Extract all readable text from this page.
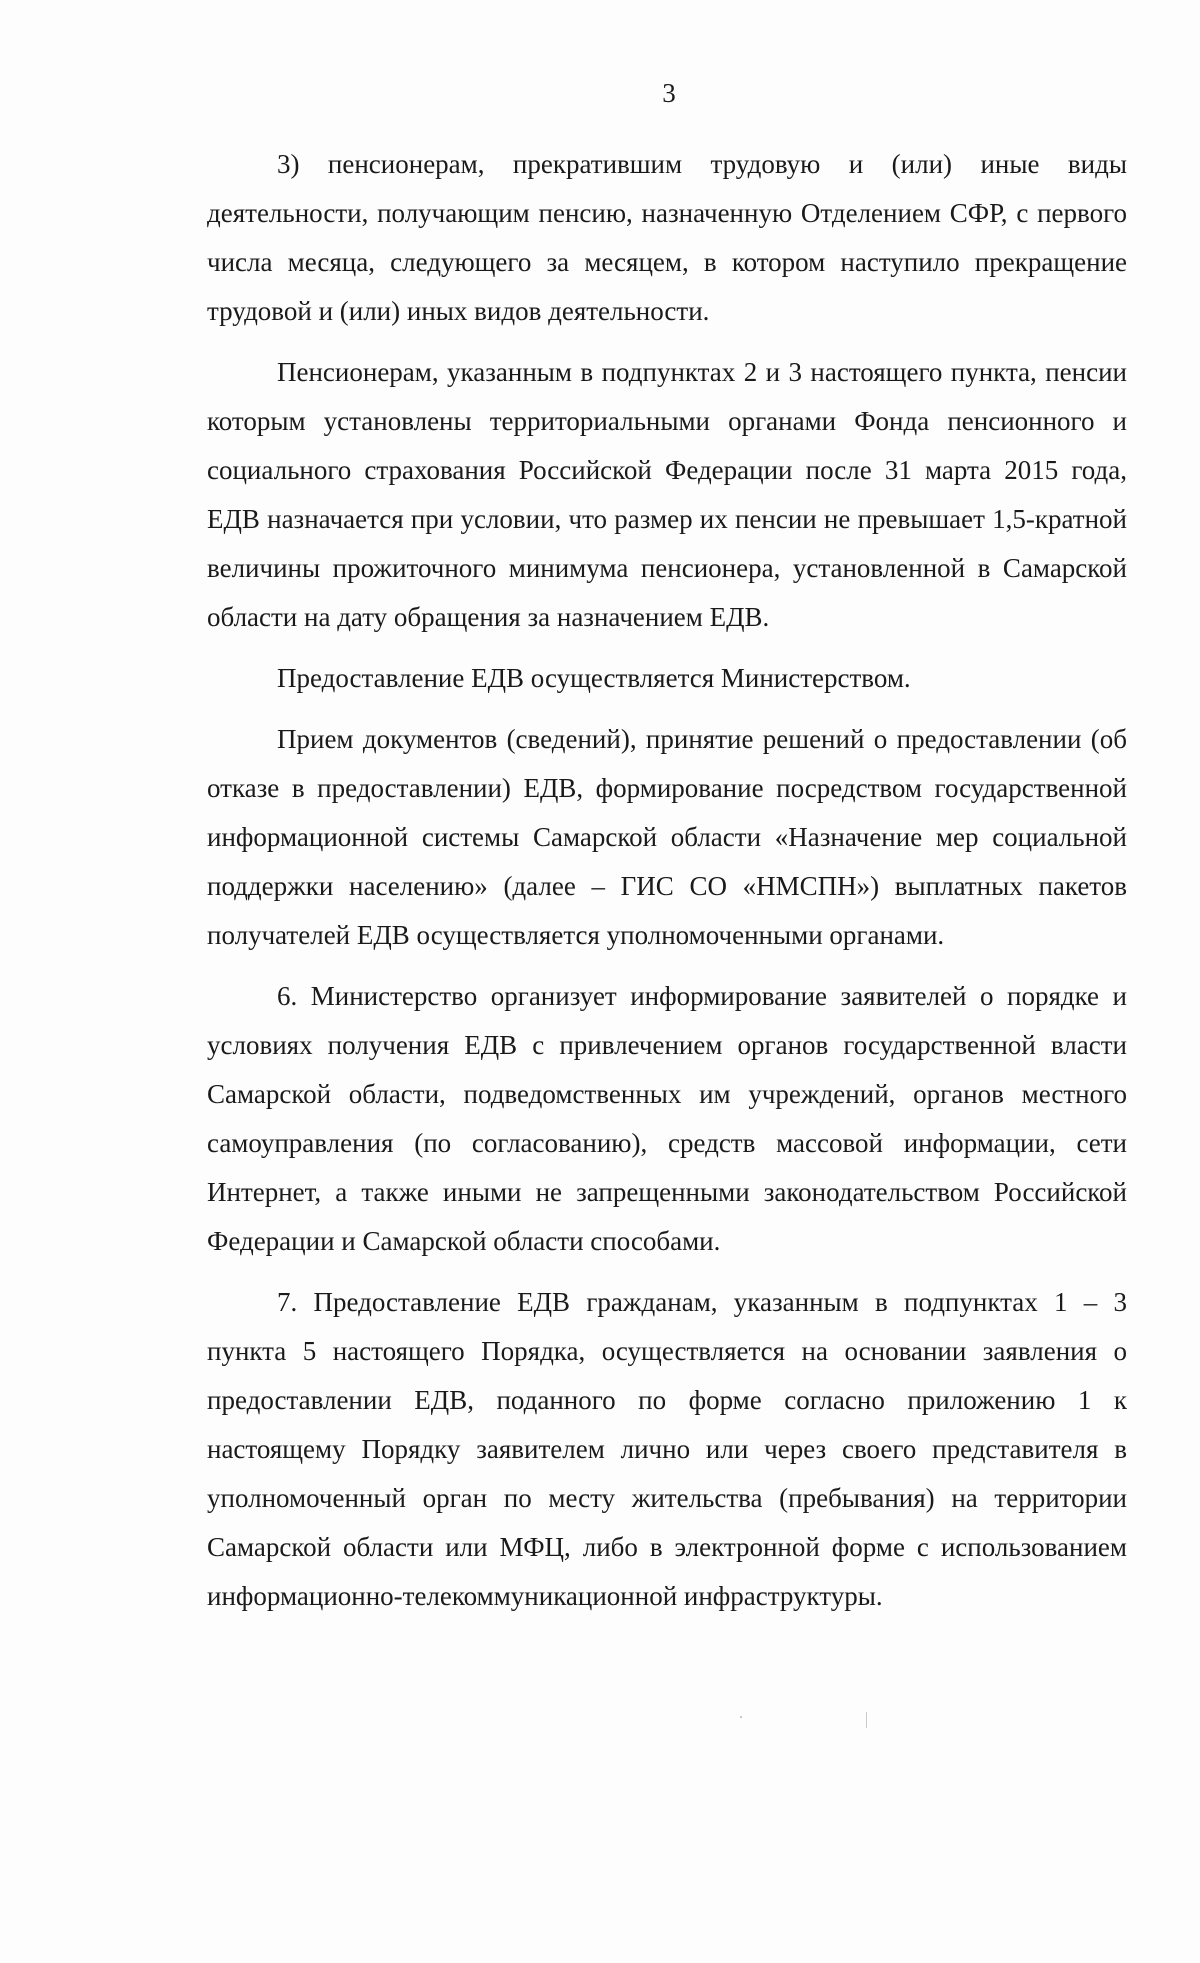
3

3) пенсионерам, прекратившим трудовую и (или) иные виды деятельности, получающим пенсию, назначенную Отделением СФР, с первого числа месяца, следующего за месяцем, в котором наступило прекращение трудовой и (или) иных видов деятельности.

Пенсионерам, указанным в подпунктах 2 и 3 настоящего пункта, пенсии которым установлены территориальными органами Фонда пенсионного и социального страхования Российской Федерации после 31 марта 2015 года, ЕДВ назначается при условии, что размер их пенсии не превышает 1,5-кратной величины прожиточного минимума пенсионера, установленной в Самарской области на дату обращения за назначением ЕДВ.

Предоставление ЕДВ осуществляется Министерством.

Прием документов (сведений), принятие решений о предоставлении (об отказе в предоставлении) ЕДВ, формирование посредством государственной информационной системы Самарской области «Назначение мер социальной поддержки населению» (далее – ГИС СО «НМСПН») выплатных пакетов получателей ЕДВ осуществляется уполномоченными органами.

6. Министерство организует информирование заявителей о порядке и условиях получения ЕДВ с привлечением органов государственной власти Самарской области, подведомственных им учреждений, органов местного самоуправления (по согласованию), средств массовой информации, сети Интернет, а также иными не запрещенными законодательством Российской Федерации и Самарской области способами.

7. Предоставление ЕДВ гражданам, указанным в подпунктах 1 – 3 пункта 5 настоящего Порядка, осуществляется на основании заявления о предоставлении ЕДВ, поданного по форме согласно приложению 1 к настоящему Порядку заявителем лично или через своего представителя в уполномоченный орган по месту жительства (пребывания) на территории Самарской области или МФЦ, либо в электронной форме с использованием информационно-телекоммуникационной инфраструктуры.
